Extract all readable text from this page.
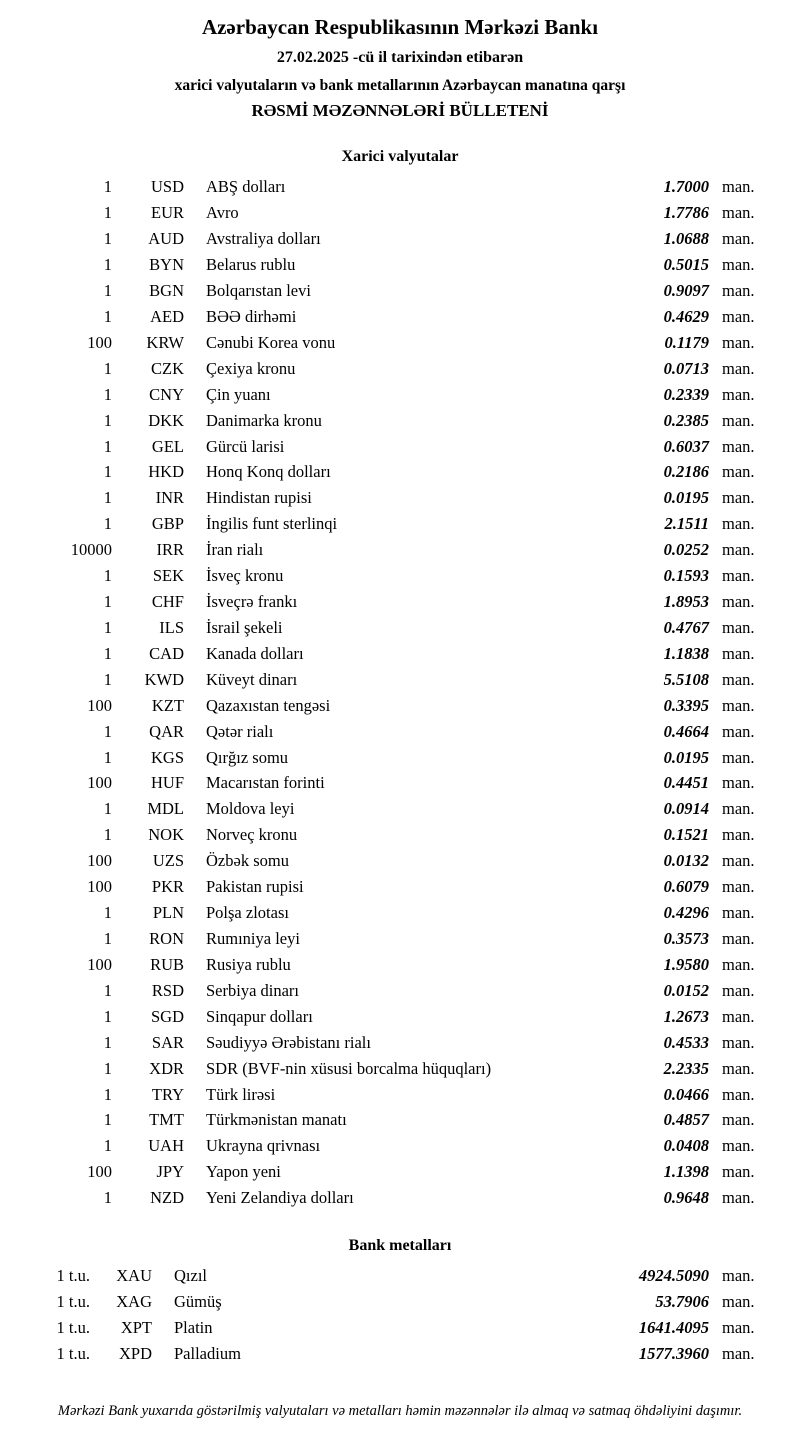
Azərbaycan Respublikasının Mərkəzi Bankı
27.02.2025 -cü il tarixindən etibarən
xarici valyutaların və bank metallarının Azərbaycan manatına qarşı
RƏSMİ MƏZƏNNƏLƏRİ BÜLLETENİ
Xarici valyutalar
1	USD	ABŞ dolları	1.7000	man.
1	EUR	Avro	1.7786	man.
1	AUD	Avstraliya dolları	1.0688	man.
1	BYN	Belarus rublu	0.5015	man.
1	BGN	Bolqarıstan levi	0.9097	man.
1	AED	BƏƏ dirhəmi	0.4629	man.
100	KRW	Cənubi Korea vonu	0.1179	man.
1	CZK	Çexiya kronu	0.0713	man.
1	CNY	Çin yuanı	0.2339	man.
1	DKK	Danimarka kronu	0.2385	man.
1	GEL	Gürcü larisi	0.6037	man.
1	HKD	Honq Konq dolları	0.2186	man.
1	INR	Hindistan rupisi	0.0195	man.
1	GBP	İngilis funt sterlinqi	2.1511	man.
10000	IRR	İran rialı	0.0252	man.
1	SEK	İsveç kronu	0.1593	man.
1	CHF	İsveçrə frankı	1.8953	man.
1	ILS	İsrail şekeli	0.4767	man.
1	CAD	Kanada dolları	1.1838	man.
1	KWD	Küveyt dinarı	5.5108	man.
100	KZT	Qazaxıstan tengəsi	0.3395	man.
1	QAR	Qətər rialı	0.4664	man.
1	KGS	Qırğız somu	0.0195	man.
100	HUF	Macarıstan forinti	0.4451	man.
1	MDL	Moldova leyi	0.0914	man.
1	NOK	Norveç kronu	0.1521	man.
100	UZS	Özbək somu	0.0132	man.
100	PKR	Pakistan rupisi	0.6079	man.
1	PLN	Polşa zlotası	0.4296	man.
1	RON	Rumıniya leyi	0.3573	man.
100	RUB	Rusiya rublu	1.9580	man.
1	RSD	Serbiya dinarı	0.0152	man.
1	SGD	Sinqapur dolları	1.2673	man.
1	SAR	Səudiyyə Ərəbistanı rialı	0.4533	man.
1	XDR	SDR (BVF-nin xüsusi borcalma hüquqları)	2.2335	man.
1	TRY	Türk lirəsi	0.0466	man.
1	TMT	Türkmənistan manatı	0.4857	man.
1	UAH	Ukrayna qrivnası	0.0408	man.
100	JPY	Yapon yeni	1.1398	man.
1	NZD	Yeni Zelandiya dolları	0.9648	man.
Bank metalları
1 t.u.	XAU	Qızıl	4924.5090	man.
1 t.u.	XAG	Gümüş	53.7906	man.
1 t.u.	XPT	Platin	1641.4095	man.
1 t.u.	XPD	Palladium	1577.3960	man.
Mərkəzi Bank yuxarıda göstərilmiş valyutaları və metalları həmin məzənnələr ilə almaq və satmaq öhdəliyini daşımır.
